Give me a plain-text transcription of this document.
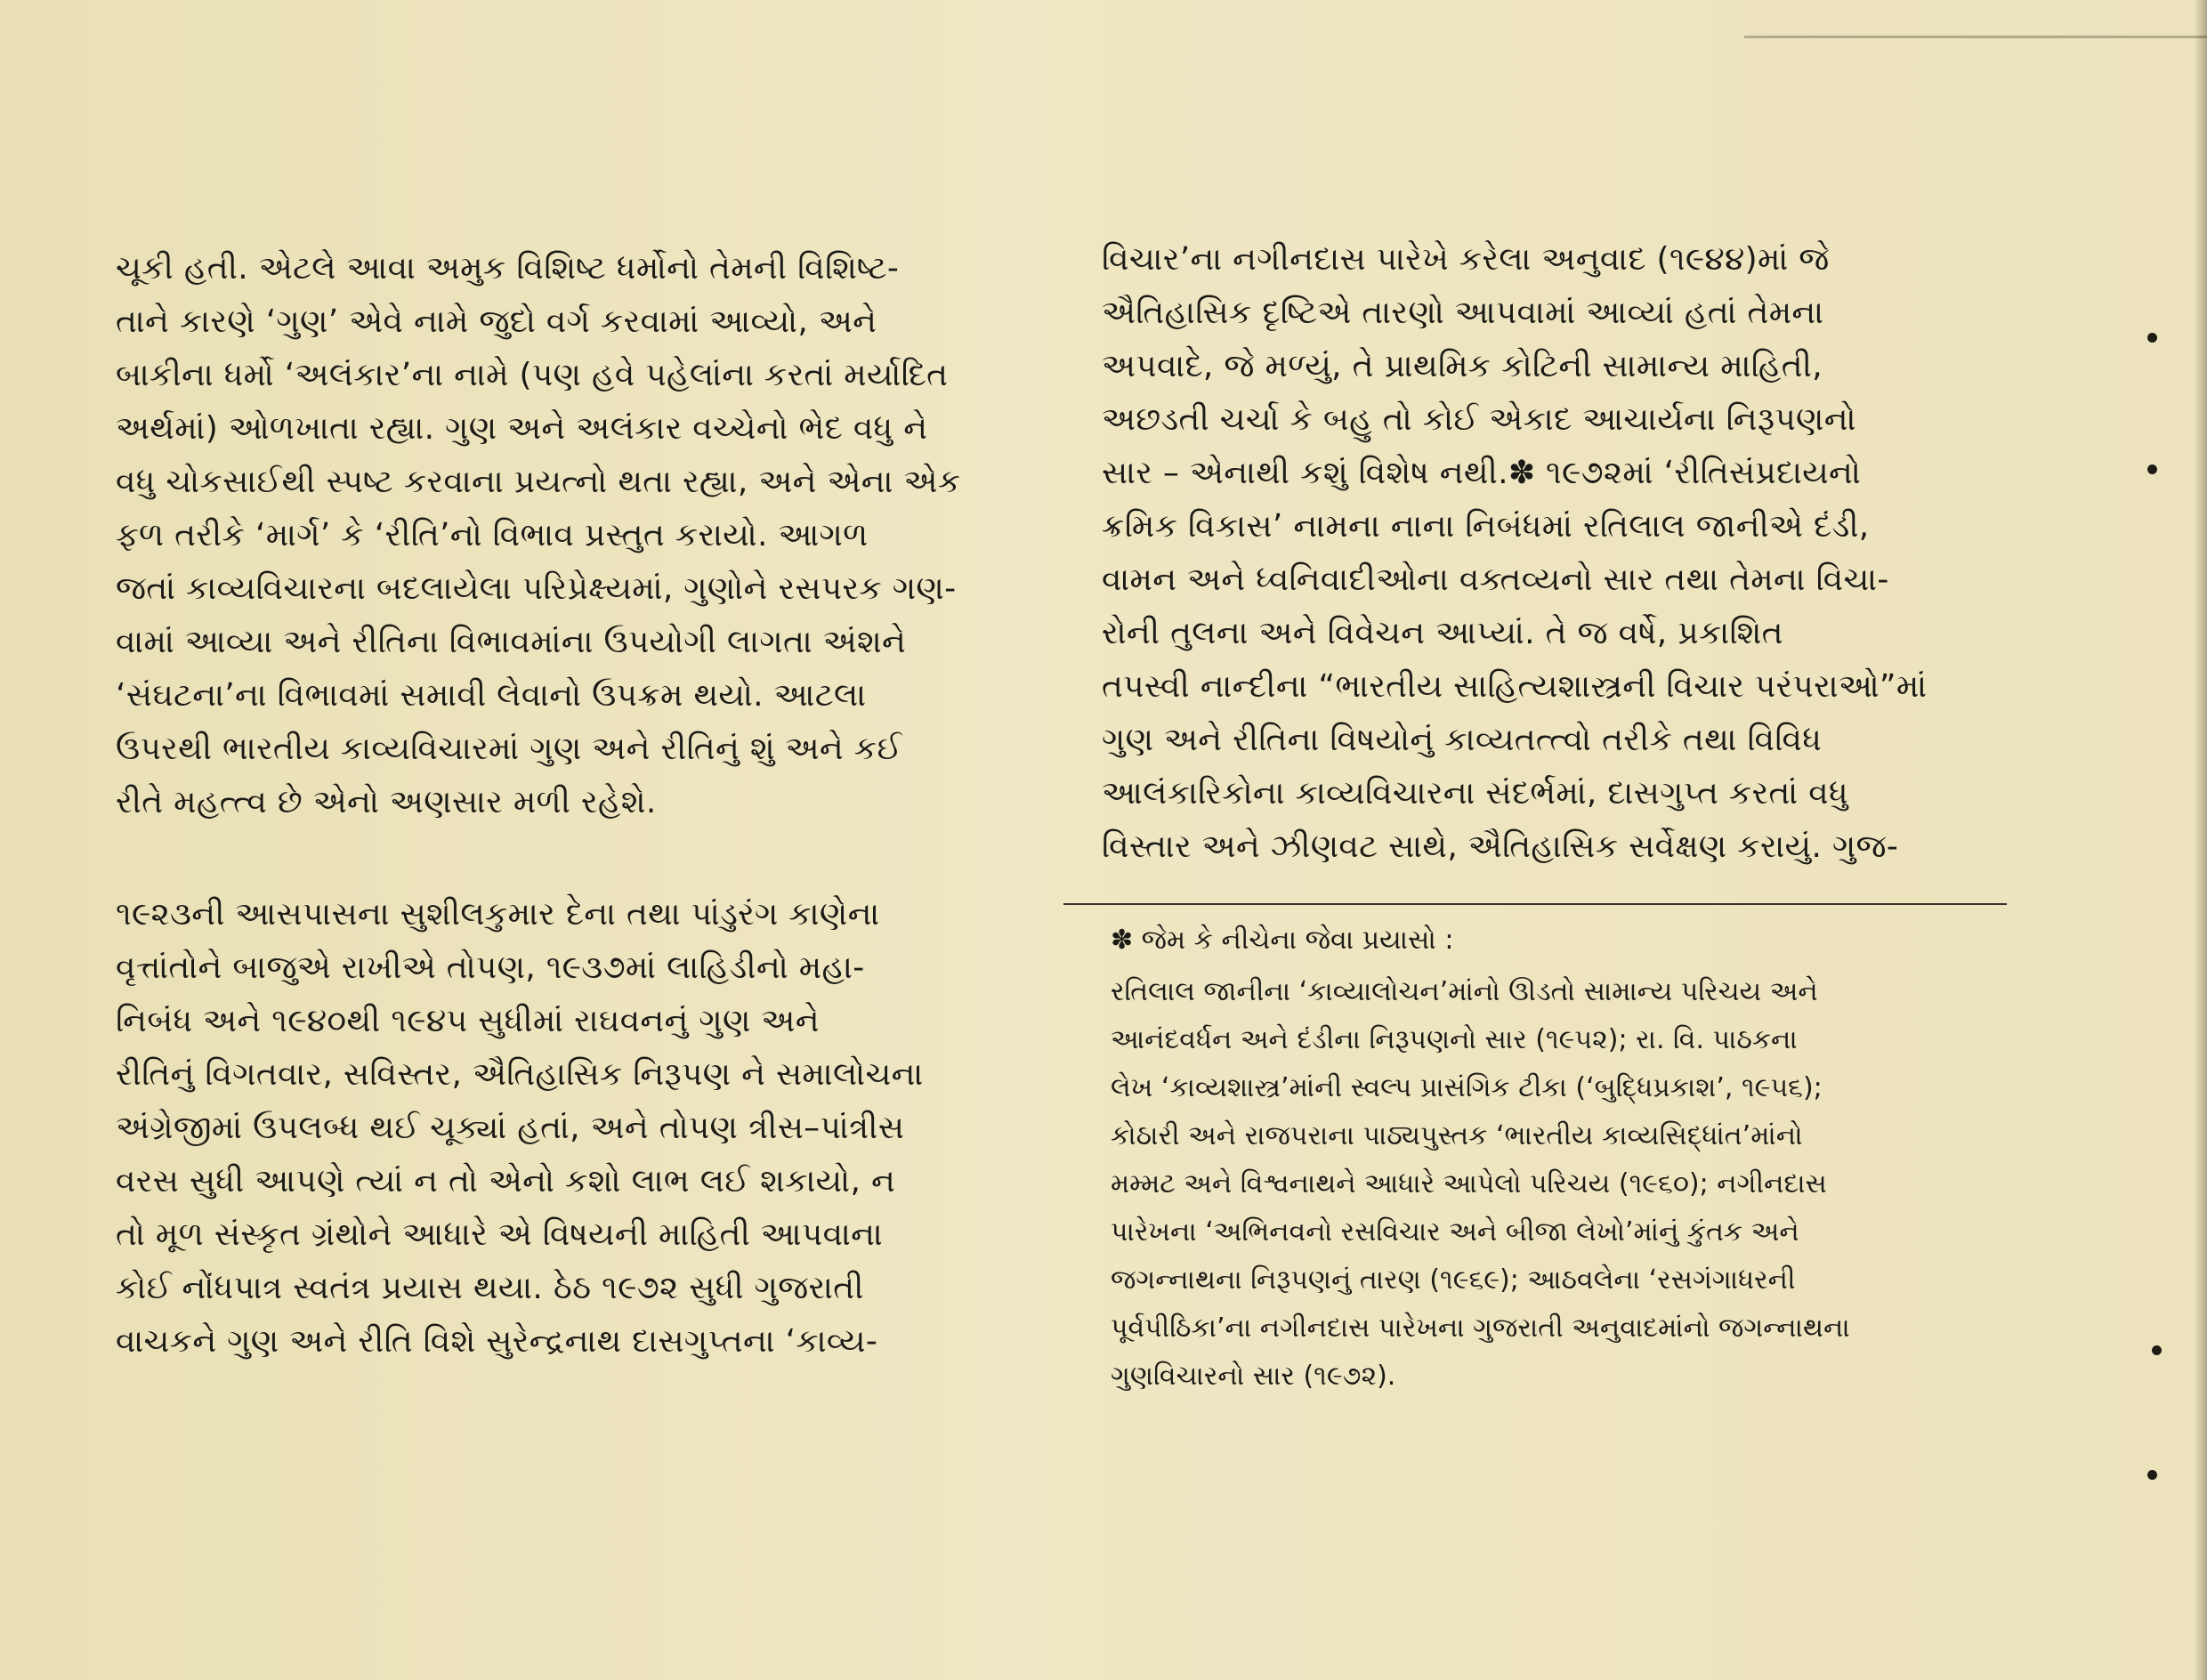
ચૂકી હતી. એટલે આવા અમુક વિશિષ્ટ ધર્મોનો તેમની વિશિષ્ટ-
તાને કારણે ‘ગુણ’ એવે નામે જુદો વર્ગ કરવામાં આવ્યો, અને
બાકીના ધર્મો ‘અલંકાર’ના નામે (પણ હવે પહેલાંના કરતાં મર્યાદિત
અર્થમાં) ઓળખાતા રહ્યા. ગુણ અને અલંકાર વચ્ચેનો ભેદ વધુ ને
વધુ ચોકસાઈથી સ્પષ્ટ કરવાના પ્રયત્નો થતા રહ્યા, અને એના એક
ફળ તરીકે ‘માર્ગ’ કે ‘રીતિ’નો વિભાવ પ્રસ્તુત કરાયો. આગળ
જતાં કાવ્યવિચારના બદલાયેલા પરિપ્રેક્ષ્યમાં, ગુણોને રસપરક ગણ-
વામાં આવ્યા અને રીતિના વિભાવમાંના ઉપયોગી લાગતા અંશને
‘સંઘટના’ના વિભાવમાં સમાવી લેવાનો ઉપક્રમ થયો. આટલા
ઉપરથી ભારતીય કાવ્યવિચારમાં ગુણ અને રીતિનું શું અને કઈ
રીતે મહત્ત્વ છે એનો અણસાર મળી રહેશે.
૧૯૨૩ની આસપાસના સુશીલકુમાર દેના તથા પાંડુરંગ કાણેના
વૃત્તાંતોને બાજુએ રાખીએ તોપણ, ૧૯૩૭માં લાહિડીનો મહા-
નિબંધ અને ૧૯૪૦થી ૧૯૪૫ સુધીમાં રાઘવનનું ગુણ અને
રીતિનું વિગતવાર, સવિસ્તર, ઐતિહાસિક નિરૂપણ ને સમાલોચના
અંગ્રેજીમાં ઉપલબ્ધ થઈ ચૂક્યાં હતાં, અને તોપણ ત્રીસ–પાંત્રીસ
વરસ સુધી આપણે ત્યાં ન તો એનો કશો લાભ લઈ શકાયો, ન
તો મૂળ સંસ્કૃત ગ્રંથોને આધારે એ વિષયની માહિતી આપવાના
કોઈ નોંધપાત્ર સ્વતંત્ર પ્રયાસ થયા. ઠેઠ ૧૯૭૨ સુધી ગુજરાતી
વાચકને ગુણ અને રીતિ વિશે સુરેન્દ્રનાથ દાસગુપ્તના ‘કાવ્ય-
વિચાર’ના નગીનદાસ પારેખે કરેલા અનુવાદ (૧૯૪૪)માં જે
ઐતિહાસિક દૃષ્ટિએ તારણો આપવામાં આવ્યાં હતાં તેમના
અપવાદે, જે મળ્યું, તે પ્રાથમિક કોટિની સામાન્ય માહિતી,
અછડતી ચર્ચા કે બહુ તો કોઈ એકાદ આચાર્યના નિરૂપણનો
સાર – એનાથી કશું વિશેષ નથી.✽ ૧૯૭૨માં ‘રીતિસંપ્રદાયનો
ક્રમિક વિકાસ’ નામના નાના નિબંધમાં રતિલાલ જાનીએ દંડી,
વામન અને ધ્વનિવાદીઓના વક્તવ્યનો સાર તથા તેમના વિચા-
રોની તુલના અને વિવેચન આપ્યાં. તે જ વર્ષે, પ્રકાશિત
તપસ્વી નાન્દીના “ભારતીય સાહિત્યશાસ્ત્રની વિચાર પરંપરાઓ”માં
ગુણ અને રીતિના વિષયોનું કાવ્યતત્ત્વો તરીકે તથા વિવિધ
આલંકારિકોના કાવ્યવિચારના સંદર્ભમાં, દાસગુપ્ત કરતાં વધુ
વિસ્તાર અને ઝીણવટ સાથે, ઐતિહાસિક સર્વેક્ષણ કરાયું. ગુજ-
✽ જેમ કે નીચેના જેવા પ્રયાસો :
રતિલાલ જાનીના ‘કાવ્યાલોચન’માંનો ઊડતો સામાન્ય પરિચય અને
આનંદવર્ધન અને દંડીના નિરૂપણનો સાર (૧૯૫૨); રા. વિ. પાઠકના
લેખ ‘કાવ્યશાસ્ત્ર’માંની સ્વલ્પ પ્રાસંગિક ટીકા (‘બુદ્ધિપ્રકાશ’, ૧૯૫૬);
કોઠારી અને રાજપરાના પાઠ્યપુસ્તક ‘ભારતીય કાવ્યસિદ્ધાંત’માંનો
મમ્મટ અને વિશ્વનાથને આધારે આપેલો પરિચય (૧૯૬૦); નગીનદાસ
પારેખના ‘અભિનવનો રસવિચાર અને બીજા લેખો’માંનું કુંતક અને
જગન્નાથના નિરૂપણનું તારણ (૧૯૬૯); આઠવલેના ‘રસગંગાધરની
પૂર્વપીઠિકા’ના નગીનદાસ પારેખના ગુજરાતી અનુવાદમાંનો જગન્નાથના
ગુણવિચારનો સાર (૧૯૭૨).
